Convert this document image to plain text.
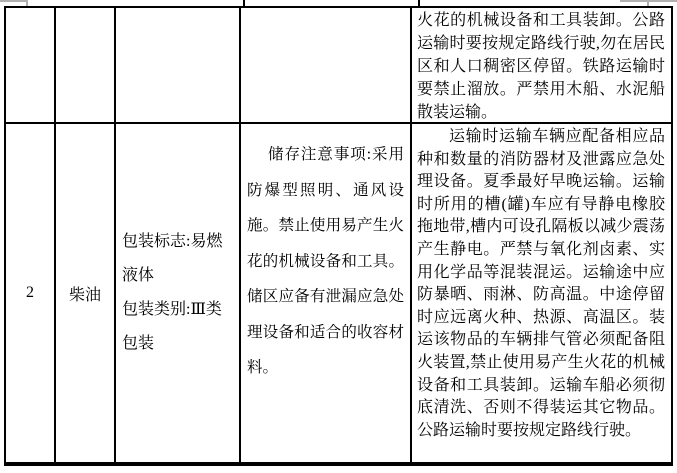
火花的机械设备和工具装卸。公路运输时要按规定路线行驶,勿在居民区和人口稠密区停留。铁路运输时要禁止溜放。严禁用木船、水泥船散装运输。
2 柴油
包装标志:易燃液体
包装类别:Ⅲ类包装
储存注意事项:采用防爆型照明、通风设施。禁止使用易产生火花的机械设备和工具。储区应备有泄漏应急处理设备和适合的收容材料。
运输时运输车辆应配备相应品种和数量的消防器材及泄露应急处理设备。夏季最好早晚运输。运输时所用的槽(罐)车应有导静电橡胶拖地带,槽内可设孔隔板以减少震荡产生静电。严禁与氧化剂卤素、实用化学品等混装混运。运输途中应防暴晒、雨淋、防高温。中途停留时应远离火种、热源、高温区。装运该物品的车辆排气管必须配备阻火装置,禁止使用易产生火花的机械设备和工具装卸。运输车船必须彻底清洗、否则不得装运其它物品。公路运输时要按规定路线行驶。
